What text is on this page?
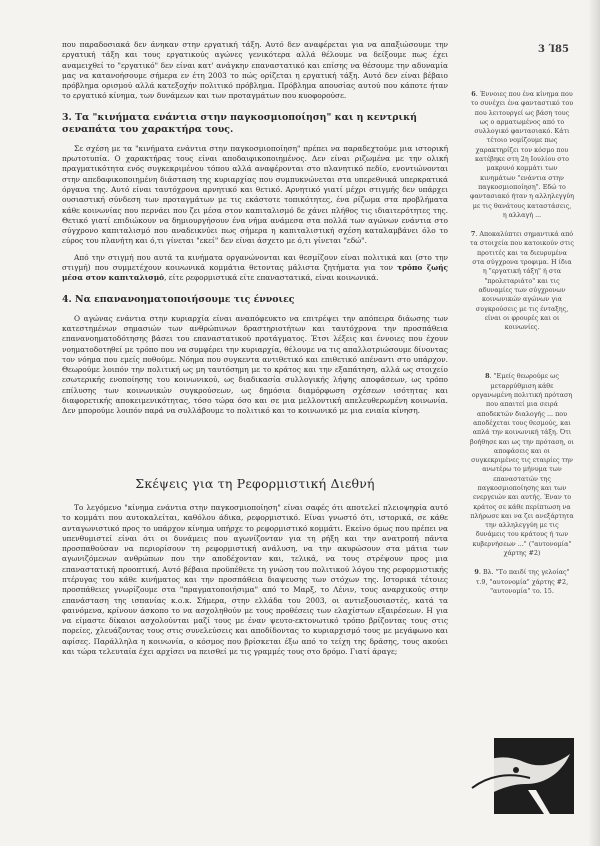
3 Ί85

που παραδοσιακά δεν άνηκαν στην εργατική τάξη. Αυτό δεν αναφέρεται για να απαξιώσουμε την εργατική τάξη και τους εργατικούς αγώνες γενικότερα αλλά θέλουμε να δείξουμε πως έχει αναμειχθεί το "εργατικό" δεν είναι κατ' ανάγκην επαναστατικό και επίσης να θέσουμε την αδυναμία μας να κατανοήσουμε σήμερα εν έτη 2003 το πώς ορίζεται η εργατική τάξη. Αυτό δεν είναι βέβαιο πρόβλημα ορισμού αλλά κατεξοχήν πολιτικό πρόβλημα. Πρόβλημα απουσίας αυτού που κάποτε ήταν το εργατικό κίνημα, των δυνάμεων και των προταγμάτων που κυοφορούσε.

3. Τα "κινήματα ενάντια στην παγκοσμιοποίηση" και η κεντρική σεναπάτα του χαρακτήρα τους.

Σε σχέση με τα "κινήματα ενάντια στην παγκοσμιοποίηση" πρέπει να παραδεχτούμε μια ιστορική πρωτοτυπία. Ο χαρακτήρας τους είναι αποδαιφικοποιημένος. Δεν είναι ριζωμένα με την ολική πραγματικότητα ενός συγκεκριμένου τόπου αλλά αναφέρονται στο πλανητικό πεδίο, ενοντιώνονται στην απεδαφικοποιημένη διάσταση της κυριαρχίας που συμπυκνώνεται στα υπερεθνικά υπερκρατικά όργανα της. Αυτό είναι ταυτόχρονα αρνητικό και θετικό. Αρνητικό γιατί μέχρι στιγμής δεν υπάρχει ουσιαστική σύνδεση των προταγμάτων με τις εκάστοτε τοπικότητες, ένα ρίζωμα στα προβλήματα κάθε κοινωνίας που περνάει που ζει μέσα στον καπιταλισμό δε χάνει πλήθος τις ιδιαιτερότητες της. Θετικό γιατί επιδιώκουν να δημιουργήσουν ένα νήμα ανάμεσα στα πολλά των αγώνων ενάντια στο σύγχρονο καπιταλισμό που αναδεικνύει πως σήμερα η καπιταλιστική σχέση καταλαμβάνει όλο το εύρος του πλανήτη και ό,τι γίνεται "εκεί" δεν είναι άσχετο με ό,τι γίνεται "εδώ".

Από την στιγμή που αυτά τα κινήματα οργανώνονται και θεσμίζουν είναι πολιτικά και (στο την στιγμή) που συμμετέχουν κοινωνικά κομμάτια θετοντας μάλιστα ζητήματα για τον τρόπο ζωής μέσα στον καπιταλισμό, είτε ρεφορμιστικά είτε επαναστατικά, είναι κοινωνικά.

4. Να επανανοηματοποιήσουμε τις έννοιες

Ο αγώνας ενάντια στην κυριαρχία είναι αναπόφευκτο να επιτρέψει την απόπειρα διάωσης των κατεστημένων σημασιών των ανθρώπινων δραστηριοτήτων και ταυτόχρονα την προσπάθεια επανανοηματοδότησης βάσει του επαναστατικού προτάγματος. Έτσι λέξεις και έννοιες που έχουν νοηματοδοτηθεί με τρόπο που να συμφέρει την κυριαρχία, θέλουμε να τις απαλλοτριώσουμε δίνοντας τον νόημα που εμείς ποθούμε. Νόημα που συγκεντα αντιθετικό και επιθετικό απέναντι στο υπάρχον. Θεωρούμε λοιπόν την πολιτική ως μη ταυτόσημη με το κράτος και την εξαπάτηση, αλλά ως στοιχείο εσωτερικής ενοποίησης του κοινωνικού, ως διαδικασία συλλογικής λήψης αποφάσεων, ως τρόπο επίλυσης των κοινωνικών συγκρούσεων, ως δημόσια διαμόρφωση σχέσεων ισότητας και διαφορετικής αποκειμενικότητας, τόσο τώρα όσο και σε μια μελλοντική απελευθερωμένη κοινωνία. Δεν μπορούμε λοιπόν παρά να συλλάβουμε το πολιτικό και το κοινωνικό με μια ενιαία κίνηση.

Σκέψεις για τη Ρεφορμιστική Διεθνή

Το λεγόμενο "κίνημα ενάντια στην παγκοσμιοποίηση" είναι σαφές ότι αποτελεί πλειοψηφία αυτό το κομμάτι που αυτοκαλείται, καθόλου άδικα, ρεφορμιστικό. Είναι γνωστό ότι, ιστορικά, σε κάθε ανταγωνιστικό προς το υπάρχον κίνημα υπήρχε το ρεφορμιστικό κομμάτι. Εκείνο όμως που πρέπει να υπενθυμιστεί είναι ότι οι δυνάμεις που αγωνίζονταν για τη ρήξη και την ανατροπή πάντα προσπαθούσαν να περιορίσουν τη ρεφορμιστική ανάλυση, να την ακυρώσουν στα μάτια των αγωνιζόμενων ανθρώπων που την αποδέχονταν και, τελικά, να τους στρέψουν προς μια επαναστατική προοπτική. Αυτό βέβαια προϋπέθετε τη γνώση του πολιτικού λόγου της ρεφορμιστικής πτέρυγας του κάθε κινήματος και την προσπάθεια διαψευσης των στόχων της. Ιστορικά τέτοιες προσπάθειες γνωρίζουμε στα "πραγματοποιήσιμα" από το Μαρξ, το Λένιν, τους αναρχικούς στην επανάσταση της ισπανίας κ.ο.κ. Σήμερα, στην ελλάδα του 2003, οι αντιεξουσιαστές, κατά τα φαινόμενα, κρίνουν άσκοπο το να ασχοληθούν με τους προθέσεις των ελαχίστων εξαιρέσεων. Η για να είμαστε δίκαιοι ασχολούνται μαζί τους με έναν ψευτο-εκτονωτικό τρόπο βρίζοντας τους στις πορείες, χλευάζοντας τους στις συνελεύσεις και αποδίδοντας το κυριαρχισμό τους με μεγάφωνο και αφίσες. Παράλληλα η κοινωνία, ο κόσμος που βρίσκεται έξω από το τείχη της δράσης, τους ακούει και τώρα τελευταία έχει αρχίσει να πεισθεί με τις γραμμές τους στο δρόμο. Γιατί άραγε;

6. Έννοιες που ένα κίνημα που το συνέχει ένα φανταστικό του που λειτουργεί ως βάση τους ως ο αρματωμένος από το συλλογικό φαντασιακό. Κάτι τέτοιο νομίζουμε πως χαρακτηρίζει τον κόσμο που κατέβηκε στη 2η Ιουλίου στο μακρυνό κομμάτι των κινημάτων "ενάντια στην παγκοσμιοποίηση". Εδώ το φαντασιακό ήταν η αλληλεγγύη με τις θανάτους καταστάσεις, η αλλαγή ...
7. Αποκαλύπτει σημαντικά από τα στοιχεία που κατοικούν στις προτιτές και τα διευρυμένα στα σύγχρονα τροφιμα. Η ίδια η "εργατική τάξη" ή στα "προλεταριάτο" και τις αδυναμίες των σύγχρονων κοινωνικών αγώνων για συγκρούσεις με τις ένταξης, είναι οι φρουρές και οι κοινωνίες.
8. "Εμείς θεωρούμε ως μεταρρύθμιση κάθε οργανωμένη πολιτική πρόταση που απαιτεί μια σειρά αποδεκτών διαλογής ... που αποδέχεται τους θεσμούς, και απλά την κοινωνική τάξη. Ότι βοήθησε και ως την πρόταση, οι αποφάσεις και οι συγκεκριμένες τις εταιρίες την ανωτέρω το μήνυμα των επαναστατών της παγκοσμιοποίησης και των ενεργειών και αυτής. Έναν το κράτος σε κάθε περίπτωση να πλήρωσε και να ζει ανεξάρτητα την αλληλεγγύη με τις δυνάμεις του κράτους ή των κυβερνήσεων ..." ("αυτονομία" χάρτης #2)
9. Βλ. "Το παιδί της γελοίας" τ.9, "αυτονομία" χάρτης #2, "αυτονομία" το. 15.
